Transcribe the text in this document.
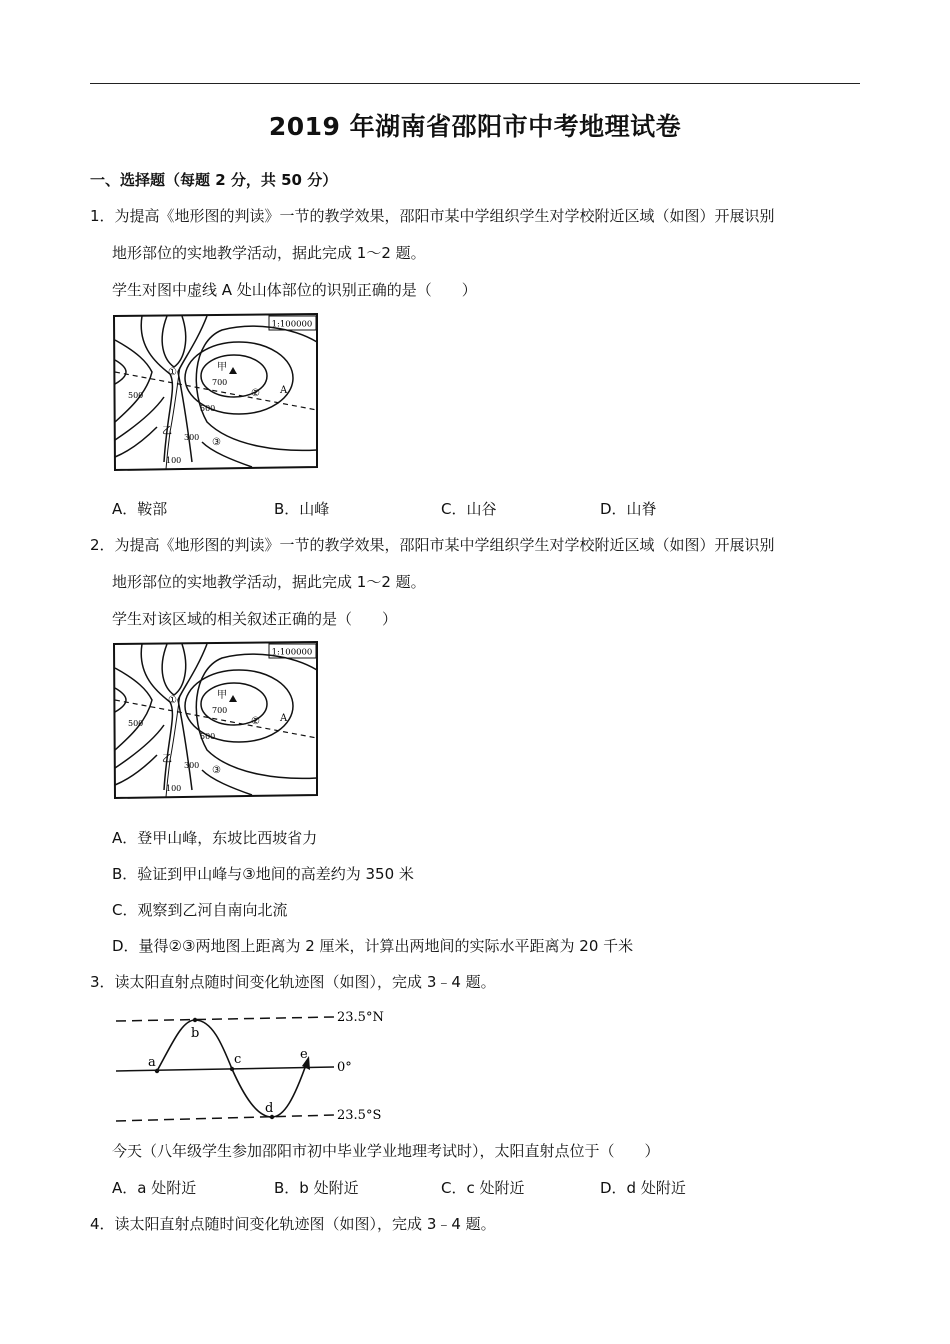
2019 年湖南省邵阳市中考地理试卷
一、选择题（每题 2 分，共 50 分）
1．为提高《地形图的判读》一节的教学效果，邵阳市某中学组织学生对学校附近区域（如图）开展识别
地形部位的实地教学活动，据此完成 1～2 题。
学生对图中虚线 A 处山体部位的识别正确的是（　　）
1:100000
甲
700
①
②
③
A
乙
500
500
300
100
A．鞍部	B．山峰	C．山谷	D．山脊
2．为提高《地形图的判读》一节的教学效果，邵阳市某中学组织学生对学校附近区域（如图）开展识别
地形部位的实地教学活动，据此完成 1～2 题。
学生对该区域的相关叙述正确的是（　　）
1:100000
甲
700
①
②
③
A
乙
500
500
300
100
A．登甲山峰，东坡比西坡省力
B．验证到甲山峰与③地间的高差约为 350 米
C．观察到乙河自南向北流
D．量得②③两地图上距离为 2 厘米，计算出两地间的实际水平距离为 20 千米
3．读太阳直射点随时间变化轨迹图（如图），完成 3﹣4 题。
23.5°N
0°
23.5°S
a
b
c
d
e
今天（八年级学生参加邵阳市初中毕业学业地理考试时），太阳直射点位于（　　）
A．a 处附近	B．b 处附近	C．c 处附近	D．d 处附近
4．读太阳直射点随时间变化轨迹图（如图），完成 3﹣4 题。
